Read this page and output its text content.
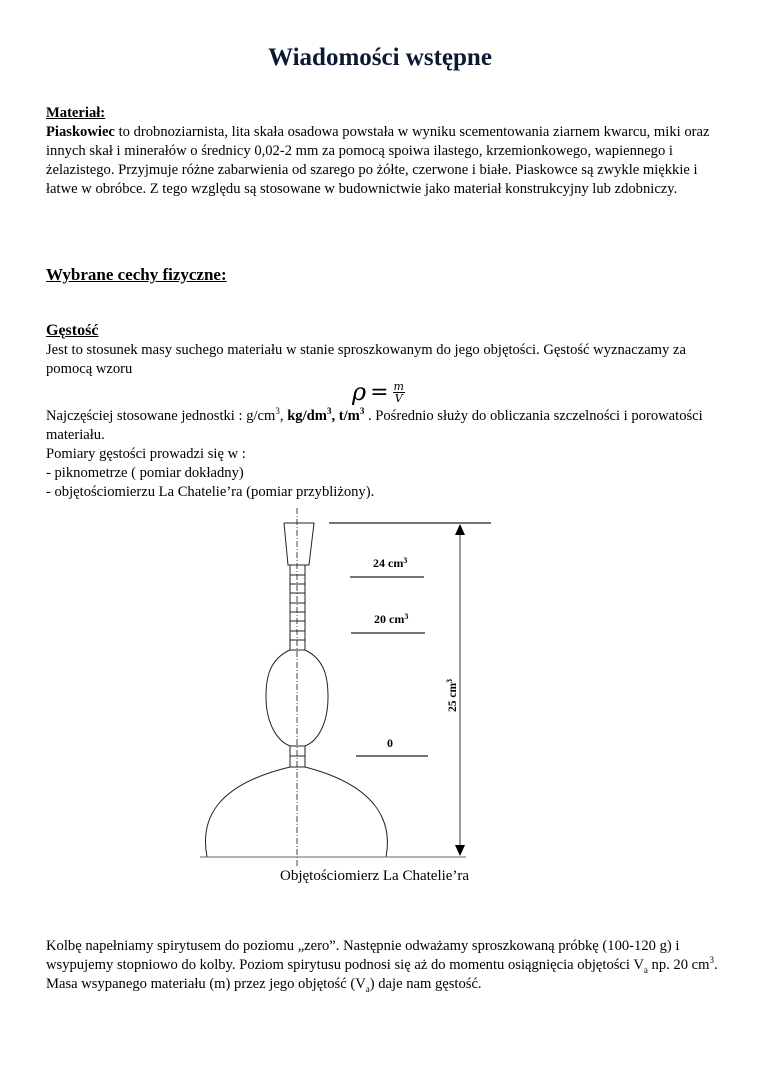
Wiadomości wstępne

Materiał:

Piaskowiec to drobnoziarnista, lita skała osadowa powstała w wyniku scementowania ziarnem kwarcu, miki oraz innych skał i minerałów o średnicy 0,02-2 mm za pomocą spoiwa ilastego, krzemionkowego, wapiennego i żelazistego. Przyjmuje różne zabarwienia od szarego po żółte, czerwone i białe. Piaskowce są zwykle miękkie i łatwe w obróbce. Z tego względu są stosowane w budownictwie jako materiał konstrukcyjny lub zdobniczy.

Wybrane cechy fizyczne:

Gęstość

Jest to stosunek masy suchego materiału w stanie sproszkowanym do jego objętości. Gęstość wyznaczamy za pomocą wzoru

$\rho = \frac{m}{V}$

Najczęściej stosowane jednostki : $g/cm^3$, $kg/dm^3$, $t/m^3$ . Pośrednio służy do obliczania szczelności i porowatości materiału.

Pomiary gęstości prowadzi się w :

- piknometrze ( pomiar dokładny)

- objętościomierzu La Chatelie’ra (pomiar przybliżony).

24 $cm^3$
20 $cm^3$
0
25 $cm^3$
Objętościomierz La Chatelie’ra

Kolbę napełniamy spirytusem do poziomu „zero”. Następnie odważamy sproszkowaną próbkę (100-120 g) i wsypujemy stopniowo do kolby. Poziom spirytusu podnosi się aż do momentu osiągnięcia objętości $V_a$ np. 20 $cm^3$. Masa wsypanego materiału (m) przez jego objętość $(V_a)$ daje nam gęstość.
